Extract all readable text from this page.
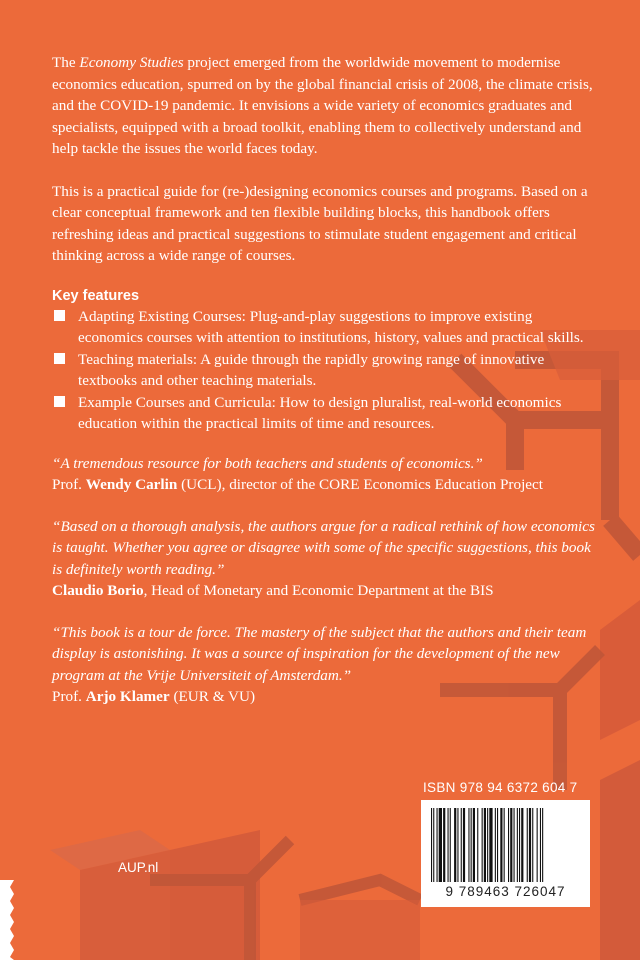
The Economy Studies project emerged from the worldwide movement to modernise economics education, spurred on by the global financial crisis of 2008, the climate crisis, and the COVID-19 pandemic. It envisions a wide variety of economics graduates and specialists, equipped with a broad toolkit, enabling them to collectively understand and help tackle the issues the world faces today.

This is a practical guide for (re-)designing economics courses and programs. Based on a clear conceptual framework and ten flexible building blocks, this handbook offers refreshing ideas and practical suggestions to stimulate student engagement and critical thinking across a wide range of courses.

Key features
Adapting Existing Courses: Plug-and-play suggestions to improve existing economics courses with attention to institutions, history, values and practical skills.
Teaching materials: A guide through the rapidly growing range of innovative textbooks and other teaching materials.
Example Courses and Curricula: How to design pluralist, real-world economics education within the practical limits of time and resources.
“A tremendous resource for both teachers and students of economics.”
Prof. Wendy Carlin (UCL), director of the CORE Economics Education Project
“Based on a thorough analysis, the authors argue for a radical rethink of how economics is taught. Whether you agree or disagree with some of the specific suggestions, this book is definitely worth reading.”
Claudio Borio, Head of Monetary and Economic Department at the BIS
“This book is a tour de force. The mastery of the subject that the authors and their team display is astonishing. It was a source of inspiration for the development of the new program at the Vrije Universiteit of Amsterdam.”
Prof. Arjo Klamer (EUR & VU)
ISBN 978 94 6372 604 7
9 789463 726047
AUP.nl
